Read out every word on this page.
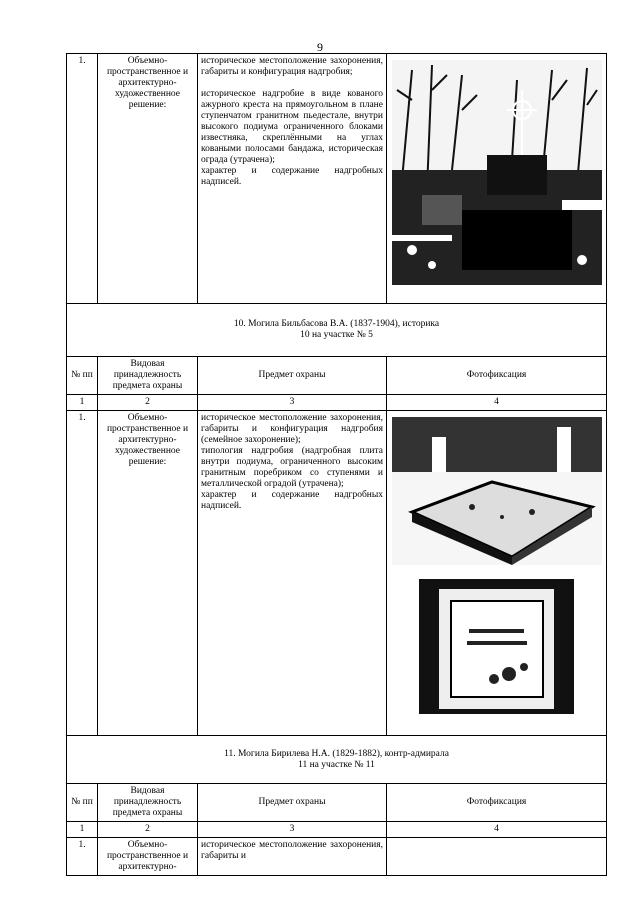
9
1.	Объемно-пространственное и архитектурно-художественное решение:	историческое местоположение захоронения, габариты и конфигурация надгробия;
историческое надгробие в виде кованого ажурного креста на прямоугольном в плане ступенчатом гранитном пьедестале, внутри высокого подиума ограниченного блоками известняка, скреплёнными на углах коваными полосами бандажа, историческая ограда (утрачена);
характер и содержание надгробных надписей.

10. Могила Бильбасова В.А. (1837-1904), историка
10 на участке № 5			

№ пп	Видовая принадлежность предмета охраны	Предмет охраны	Фотофиксация
1	2	3	4
1.	Объемно-пространственное и архитектурно-художественное решение:	историческое местоположение захоронения, габариты и конфигурация надгробия (семейное захоронение);
типология надгробия (надгробная плита внутри подиума, ограниченного высоким гранитным поребриком со ступенями и металлической оградой (утрачена);
характер и содержание надгробных надписей.

11. Могила Бирилева Н.А. (1829-1882), контр-адмирала
11 на участке № 11			

№ пп	Видовая принадлежность предмета охраны	Предмет охраны	Фотофиксация
1	2	3	4
1.	Объемно-пространственное и архитектурно-	историческое местоположение захоронения, габариты и	
